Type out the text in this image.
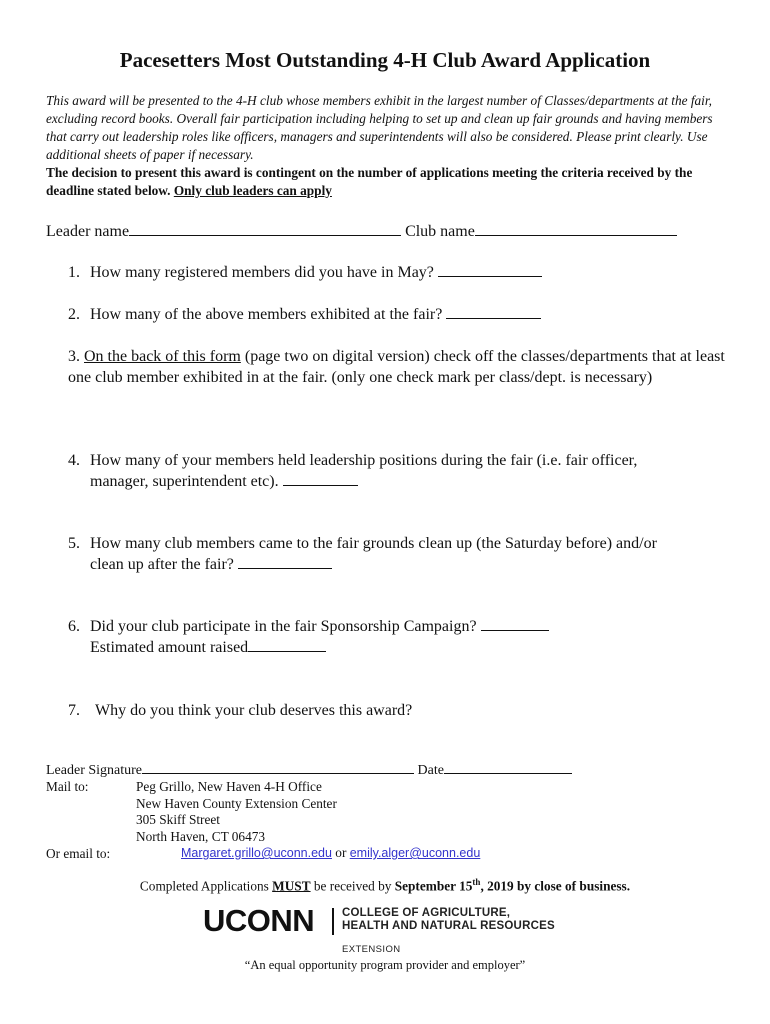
Pacesetters Most Outstanding 4-H Club Award Application
This award will be presented to the 4-H club whose members exhibit in the largest number of Classes/departments at the fair, excluding record books. Overall fair participation including helping to set up and clean up fair grounds and having members that carry out leadership roles like officers, managers and superintendents will also be considered. Please print clearly. Use additional sheets of paper if necessary.
The decision to present this award is contingent on the number of applications meeting the criteria received by the deadline stated below. Only club leaders can apply
Leader name	Club name
1. How many registered members did you have in May?
2. How many of the above members exhibited at the fair?
3. On the back of this form (page two on digital version) check off the classes/departments that at least one club member exhibited in at the fair. (only one check mark per class/dept. is necessary)
4. How many of your members held leadership positions during the fair (i.e. fair officer,
manager, superintendent etc).
5. How many club members came to the fair grounds clean up (the Saturday before) and/or
clean up after the fair?
6. Did your club participate in the fair Sponsorship Campaign?
Estimated amount raised
7. Why do you think your club deserves this award?
Leader Signature	Date
Mail to:	Peg Grillo, New Haven 4-H Office
New Haven County Extension Center
305 Skiff Street
North Haven, CT 06473
Or email to:	Margaret.grillo@uconn.edu or emily.alger@uconn.edu
Completed Applications MUST be received by September 15th, 2019 by close of business.
UCONN COLLEGE OF AGRICULTURE,
HEALTH AND NATURAL RESOURCES
EXTENSION
“An equal opportunity program provider and employer”
